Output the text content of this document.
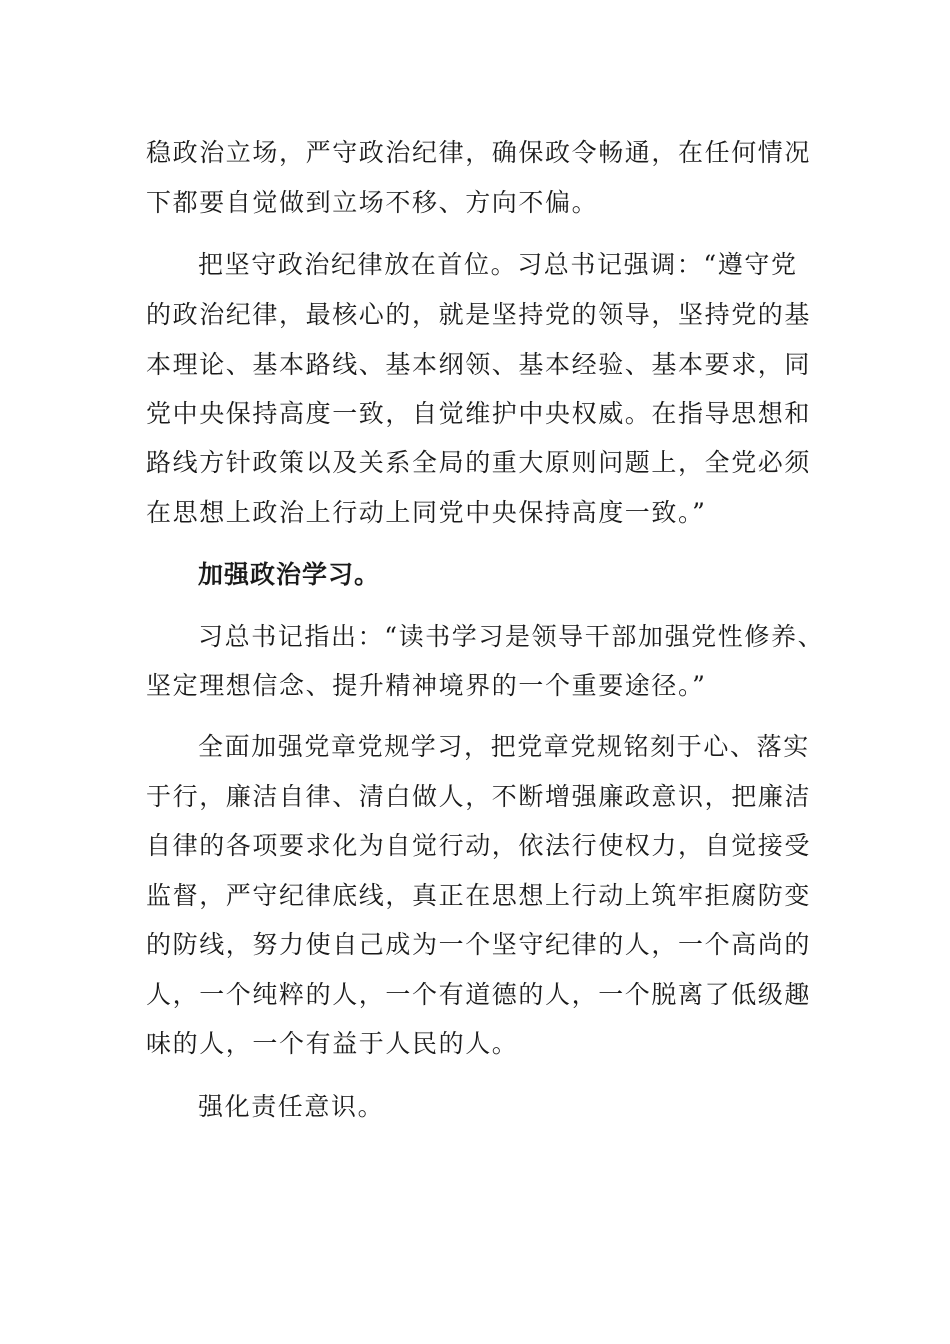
稳政治立场，严守政治纪律，确保政令畅通，在任何情况
下都要自觉做到立场不移、方向不偏。
把坚守政治纪律放在首位。习总书记强调：“遵守党
的政治纪律，最核心的，就是坚持党的领导，坚持党的基
本理论、基本路线、基本纲领、基本经验、基本要求，同
党中央保持高度一致，自觉维护中央权威。在指导思想和
路线方针政策以及关系全局的重大原则问题上，全党必须
在思想上政治上行动上同党中央保持高度一致。”
加强政治学习。
习总书记指出：“读书学习是领导干部加强党性修养、
坚定理想信念、提升精神境界的一个重要途径。”
全面加强党章党规学习，把党章党规铭刻于心、落实
于行，廉洁自律、清白做人，不断增强廉政意识，把廉洁
自律的各项要求化为自觉行动，依法行使权力，自觉接受
监督，严守纪律底线，真正在思想上行动上筑牢拒腐防变
的防线，努力使自己成为一个坚守纪律的人，一个高尚的
人，一个纯粹的人，一个有道德的人，一个脱离了低级趣
味的人，一个有益于人民的人。
强化责任意识。
